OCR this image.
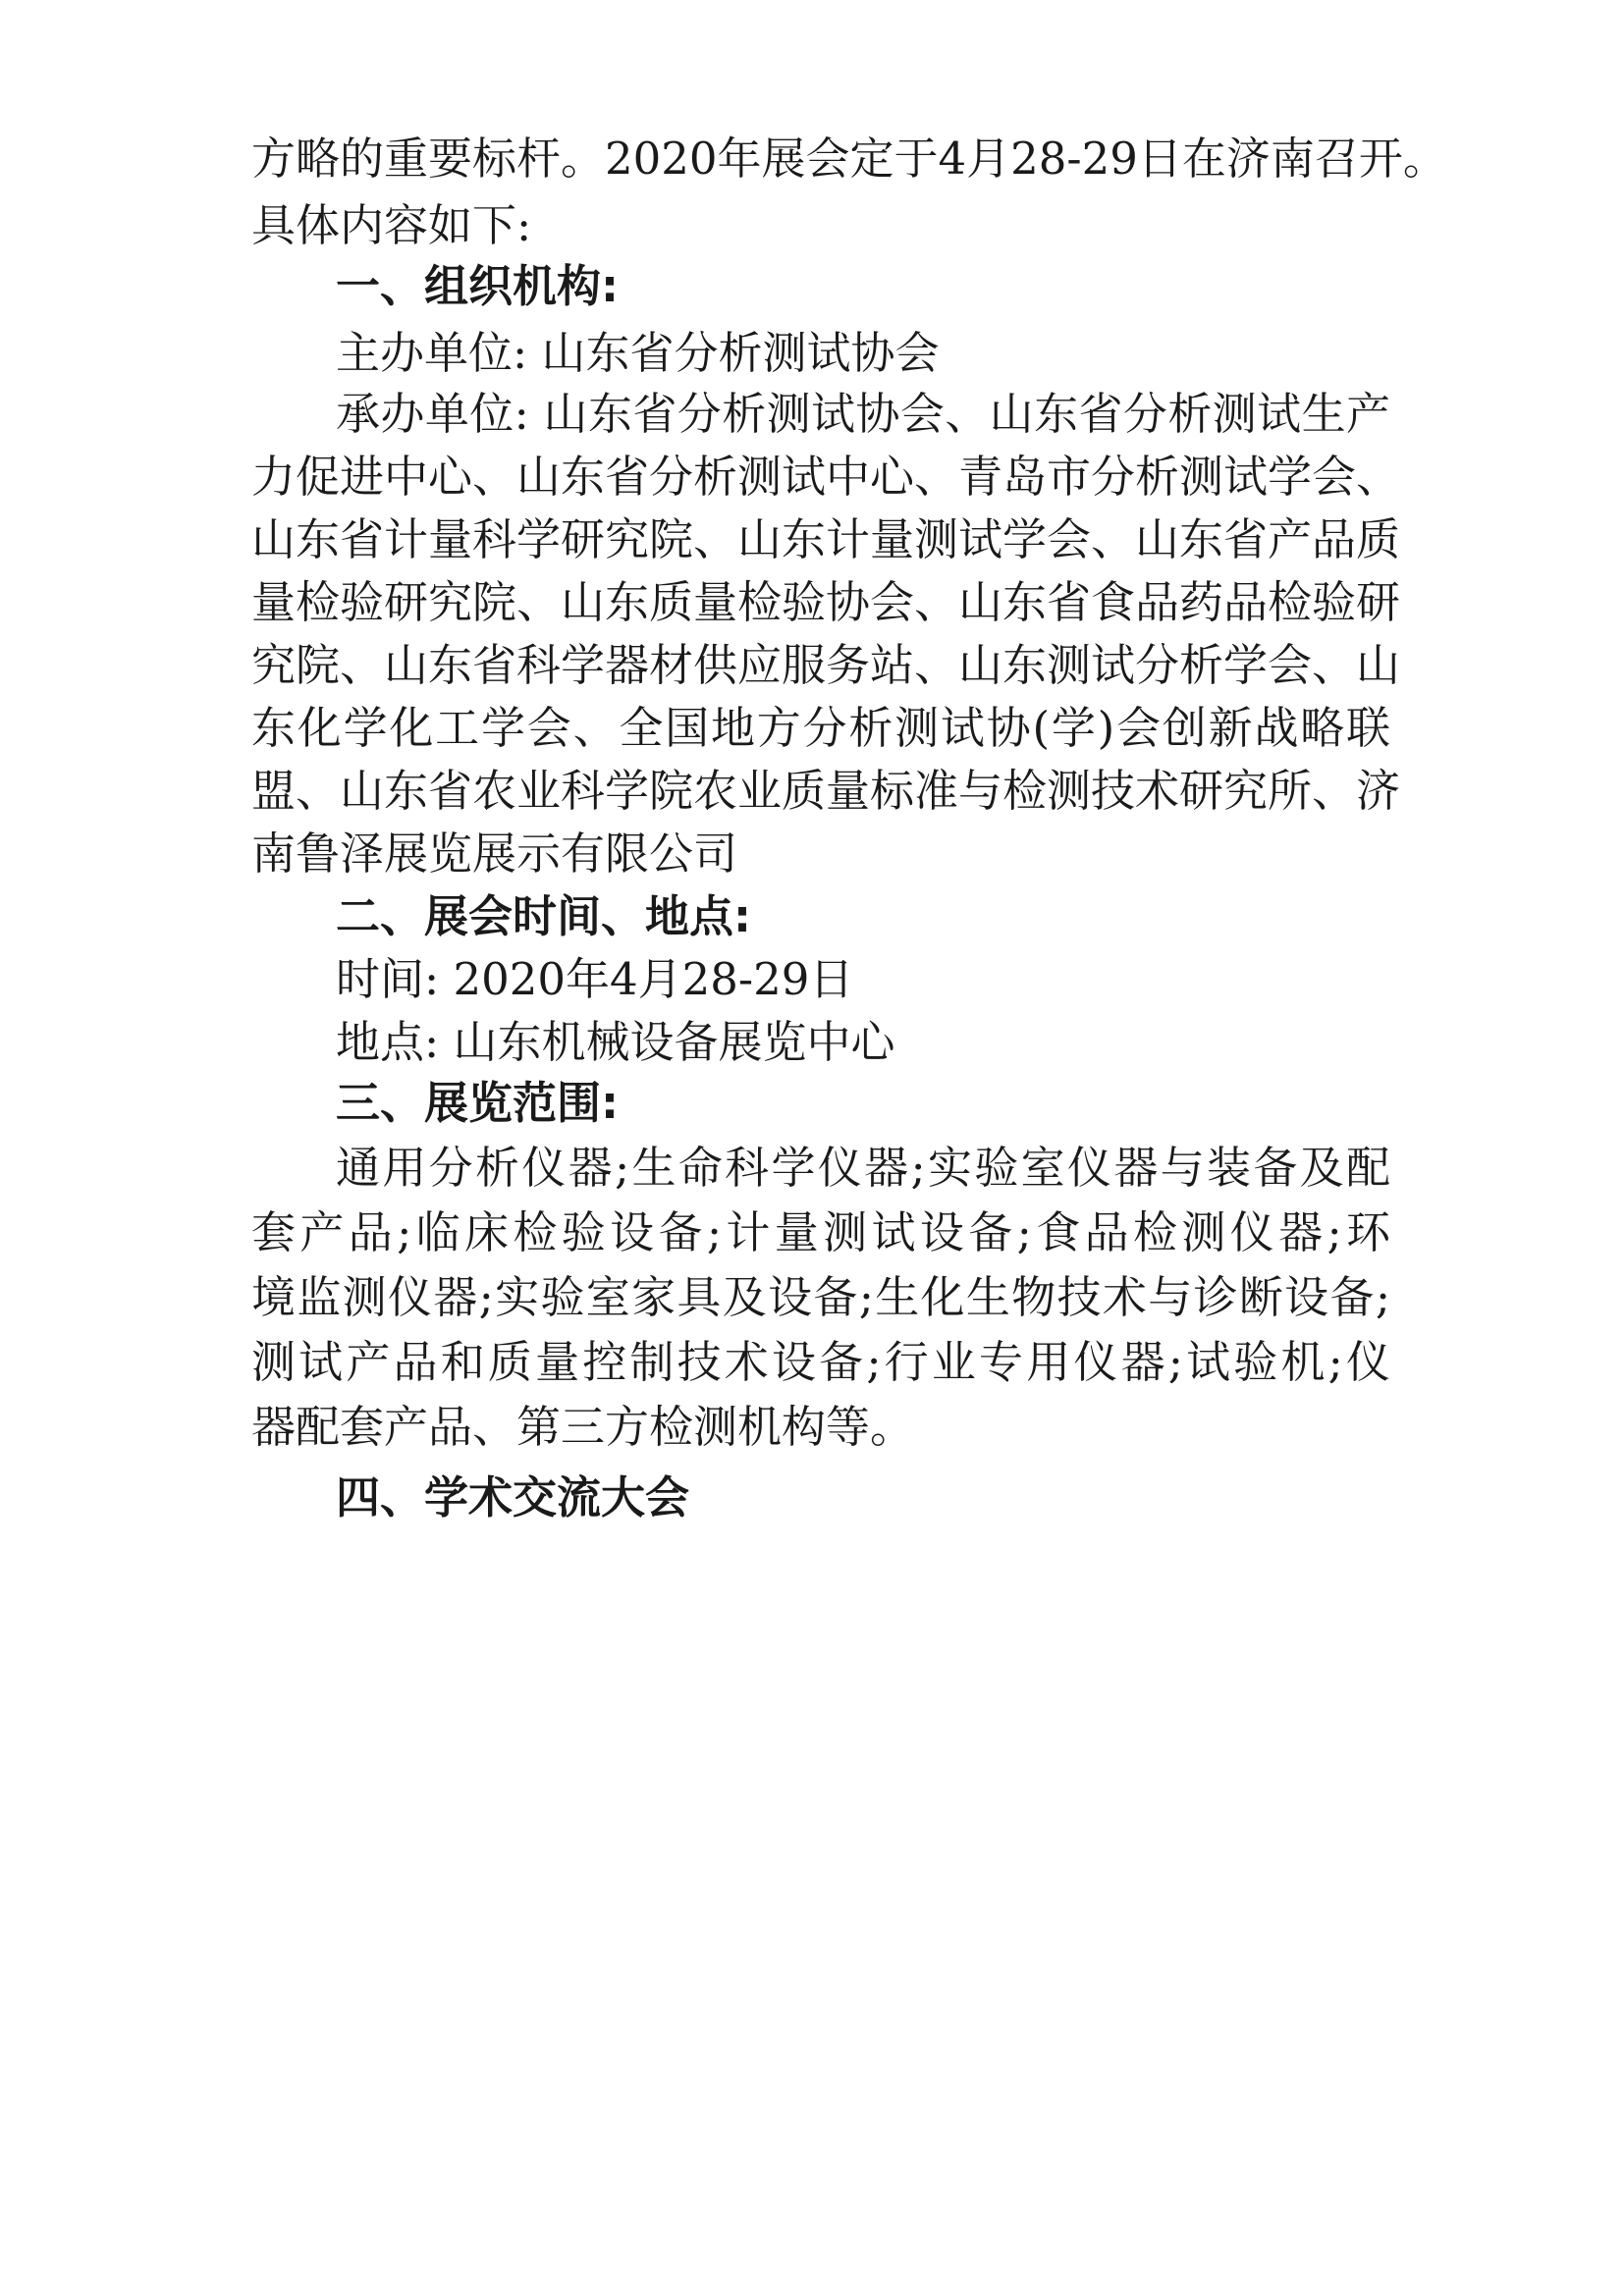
方略的重要标杆。2020年展会定于4月28-29日在济南召开。
具体内容如下:
一、组织机构:
主办单位: 山东省分析测试协会
承办单位: 山东省分析测试协会、山东省分析测试生产
力促进中心、山东省分析测试中心、青岛市分析测试学会、
山东省计量科学研究院、山东计量测试学会、山东省产品质
量检验研究院、山东质量检验协会、山东省食品药品检验研
究院、山东省科学器材供应服务站、山东测试分析学会、山
东化学化工学会、全国地方分析测试协(学)会创新战略联
盟、山东省农业科学院农业质量标准与检测技术研究所、济
南鲁泽展览展示有限公司
二、展会时间、地点:
时间: 2020年4月28-29日
地点: 山东机械设备展览中心
三、展览范围:
通用分析仪器;生命科学仪器;实验室仪器与装备及配
套产品;临床检验设备;计量测试设备;食品检测仪器;环
境监测仪器;实验室家具及设备;生化生物技术与诊断设备;
测试产品和质量控制技术设备;行业专用仪器;试验机;仪
器配套产品、第三方检测机构等。
四、学术交流大会
